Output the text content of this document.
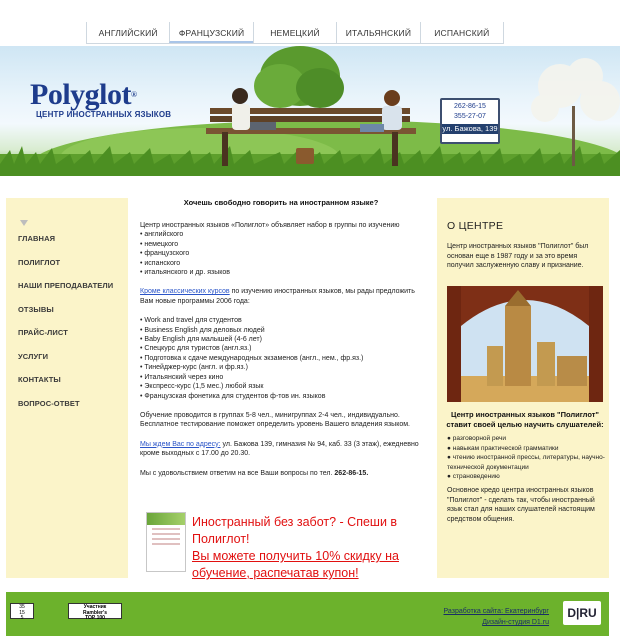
АНГЛИЙСКИЙ	ФРАНЦУЗСКИЙ	НЕМЕЦКИЙ	ИТАЛЬЯНСКИЙ	ИСПАНСКИЙ
Polyglot®
ЦЕНТР ИНОСТРАННЫХ ЯЗЫКОВ
262-86-15
355-27-07
ул. Бажова, 139
ГЛАВНАЯ
ПОЛИГЛОТ
НАШИ ПРЕПОДАВАТЕЛИ
ОТЗЫВЫ
ПРАЙС-ЛИСТ
УСЛУГИ
КОНТАКТЫ
ВОПРОС-ОТВЕТ
Хочешь свободно говорить на иностранном языке?
Центр иностранных языков «Полиглот» объявляет набор в группы по изучению
• английского
• немецкого
• французского
• испанского
• итальянского и др. языков
Кроме классических курсов по изучению иностранных языков, мы рады предложить Вам новые программы 2006 года:
• Work and travel для студентов
• Business English для деловых людей
• Baby English для малышей (4-6 лет)
• Спецкурс для туристов (англ.яз.)
• Подготовка к сдаче международных экзаменов (англ., нем., фр.яз.)
• Тинейджер-курс (англ. и фр.яз.)
• Итальянский через кино
• Экспресс-курс (1,5 мес.) любой язык
• Французская фонетика для студентов ф-тов ин. языков
Обучение проводится в группах 5-8 чел., минигруппах 2-4 чел., индивидуально. Бесплатное тестирование поможет определить уровень Вашего владения языком.
Мы ждем Вас по адресу: ул. Бажова 139, гимназия № 94, каб. 33 (3 этаж), ежедневно кроме выходных с 17.00 до 20.30.
Мы с удовольствием ответим на все Ваши вопросы по тел. 262-86-15.
Иностранный без забот? - Спеши в Полиглот!
Вы можете получить 10% скидку на обучение, распечатав купон!
О ЦЕНТРЕ
Центр иностранных языков "Полиглот" был основан еще в 1987 году и за это время получил заслуженную славу и признание.
Центр иностранных языков "Полиглот" ставит своей целью научить слушателей:
● разговорной речи
● навыкам практической грамматики
● чтению иностранной прессы, литературы, научно-технической документации
● страноведению
Основное кредо центра иностранных языков "Полиглот" - сделать так, чтобы иностранный язык стал для наших слушателей настоящим средством общения.
35
15
5
Участник
Rambler's
TOP 100
Разработка сайта: Екатеринбург
Дизайн-студия D1.ru
D|RU
